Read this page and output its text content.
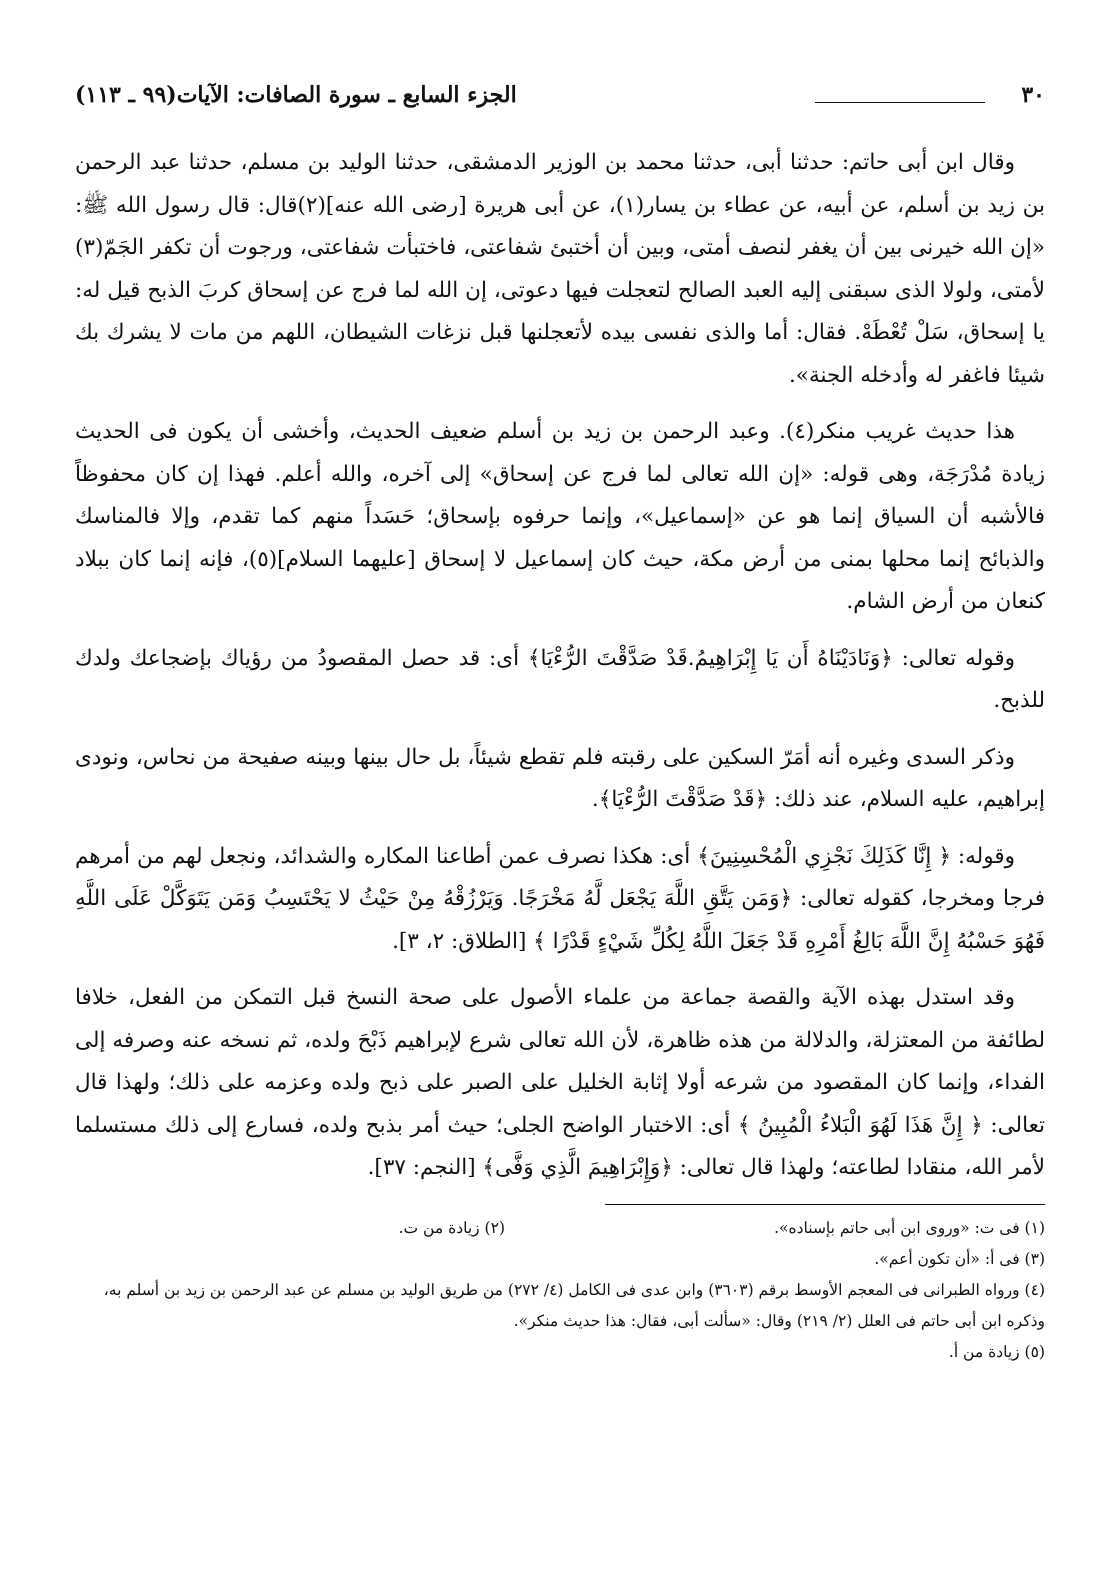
٣٠
الجزء السابع ـ سورة الصافات: الآيات(٩٩ ـ ١١٣)

وقال ابن أبى حاتم: حدثنا أبى، حدثنا محمد بن الوزير الدمشقى، حدثنا الوليد بن مسلم، حدثنا عبد الرحمن بن زيد بن أسلم، عن أبيه، عن عطاء بن يسار(١)، عن أبى هريرة [رضى الله عنه](٢)قال: قال رسول الله ﷺ: «إن الله خيرنى بين أن يغفر لنصف أمتى، وبين أن أختبئ شفاعتى، فاختبأت شفاعتى، ورجوت أن تكفر الجَمّ(٣) لأمتى، ولولا الذى سبقنى إليه العبد الصالح لتعجلت فيها دعوتى، إن الله لما فرج عن إسحاق كربَ الذبح قيل له: يا إسحاق، سَلْ تُعْطَهْ. فقال: أما والذى نفسى بيده لأتعجلنها قبل نزغات الشيطان، اللهم من مات لا يشرك بك شيئا فاغفر له وأدخله الجنة».

هذا حديث غريب منكر(٤). وعبد الرحمن بن زيد بن أسلم ضعيف الحديث، وأخشى أن يكون فى الحديث زيادة مُدْرَجَة، وهى قوله: «إن الله تعالى لما فرج عن إسحاق» إلى آخره، والله أعلم. فهذا إن كان محفوظاً فالأشبه أن السياق إنما هو عن «إسماعيل»، وإنما حرفوه بإسحاق؛ حَسَداً منهم كما تقدم، وإلا فالمناسك والذبائح إنما محلها بمنى من أرض مكة، حيث كان إسماعيل لا إسحاق [عليهما السلام](٥)، فإنه إنما كان ببلاد كنعان من أرض الشام.

وقوله تعالى: ﴿وَنَادَيْنَاهُ أَن يَا إِبْرَاهِيمُ.قَدْ صَدَّقْتَ الرُّءْيَا﴾ أى: قد حصل المقصودُ من رؤياك بإضجاعك ولدك للذبح.

وذكر السدى وغيره أنه أمَرّ السكين على رقبته فلم تقطع شيئاً، بل حال بينها وبينه صفيحة من نحاس، ونودى إبراهيم، عليه السلام، عند ذلك: ﴿قَدْ صَدَّقْتَ الرُّءْيَا﴾.

وقوله: ﴿ إِنَّا كَذَلِكَ نَجْزِي الْمُحْسِنِينَ﴾ أى: هكذا نصرف عمن أطاعنا المكاره والشدائد، ونجعل لهم من أمرهم فرجا ومخرجا، كقوله تعالى: ﴿وَمَن يَتَّقِ اللَّهَ يَجْعَل لَّهُ مَخْرَجًا. وَيَرْزُقْهُ مِنْ حَيْثُ لا يَحْتَسِبُ وَمَن يَتَوَكَّلْ عَلَى اللَّهِ فَهُوَ حَسْبُهُ إِنَّ اللَّهَ بَالِغُ أَمْرِهِ قَدْ جَعَلَ اللَّهُ لِكُلِّ شَيْءٍ قَدْرًا ﴾ [الطلاق: ٢، ٣].

وقد استدل بهذه الآية والقصة جماعة من علماء الأصول على صحة النسخ قبل التمكن من الفعل، خلافا لطائفة من المعتزلة، والدلالة من هذه ظاهرة، لأن الله تعالى شرع لإبراهيم ذَبْحَ ولده، ثم نسخه عنه وصرفه إلى الفداء، وإنما كان المقصود من شرعه أولا إثابة الخليل على الصبر على ذبح ولده وعزمه على ذلك؛ ولهذا قال تعالى: ﴿ إِنَّ هَذَا لَهُوَ الْبَلاءُ الْمُبِينُ ﴾ أى: الاختبار الواضح الجلى؛ حيث أمر بذبح ولده، فسارع إلى ذلك مستسلما لأمر الله، منقادا لطاعته؛ ولهذا قال تعالى: ﴿وَإِبْرَاهِيمَ الَّذِي وَفَّى﴾ [النجم: ٣٧].

(١) فى ت: «وروى ابن أبى حاتم بإسناده».
(٢) زيادة من ت.

(٣) فى أ: «أن تكون أعم».

(٤) ورواه الطبرانى فى المعجم الأوسط برقم (٣٦٠٣) وابن عدى فى الكامل (٤/ ٢٧٢) من طريق الوليد بن مسلم عن عبد الرحمن بن زيد بن أسلم به، وذكره ابن أبى حاتم فى العلل (٢/ ٢١٩) وقال: «سألت أبى، فقال: هذا حديث منكر».

(٥) زيادة من أ.
